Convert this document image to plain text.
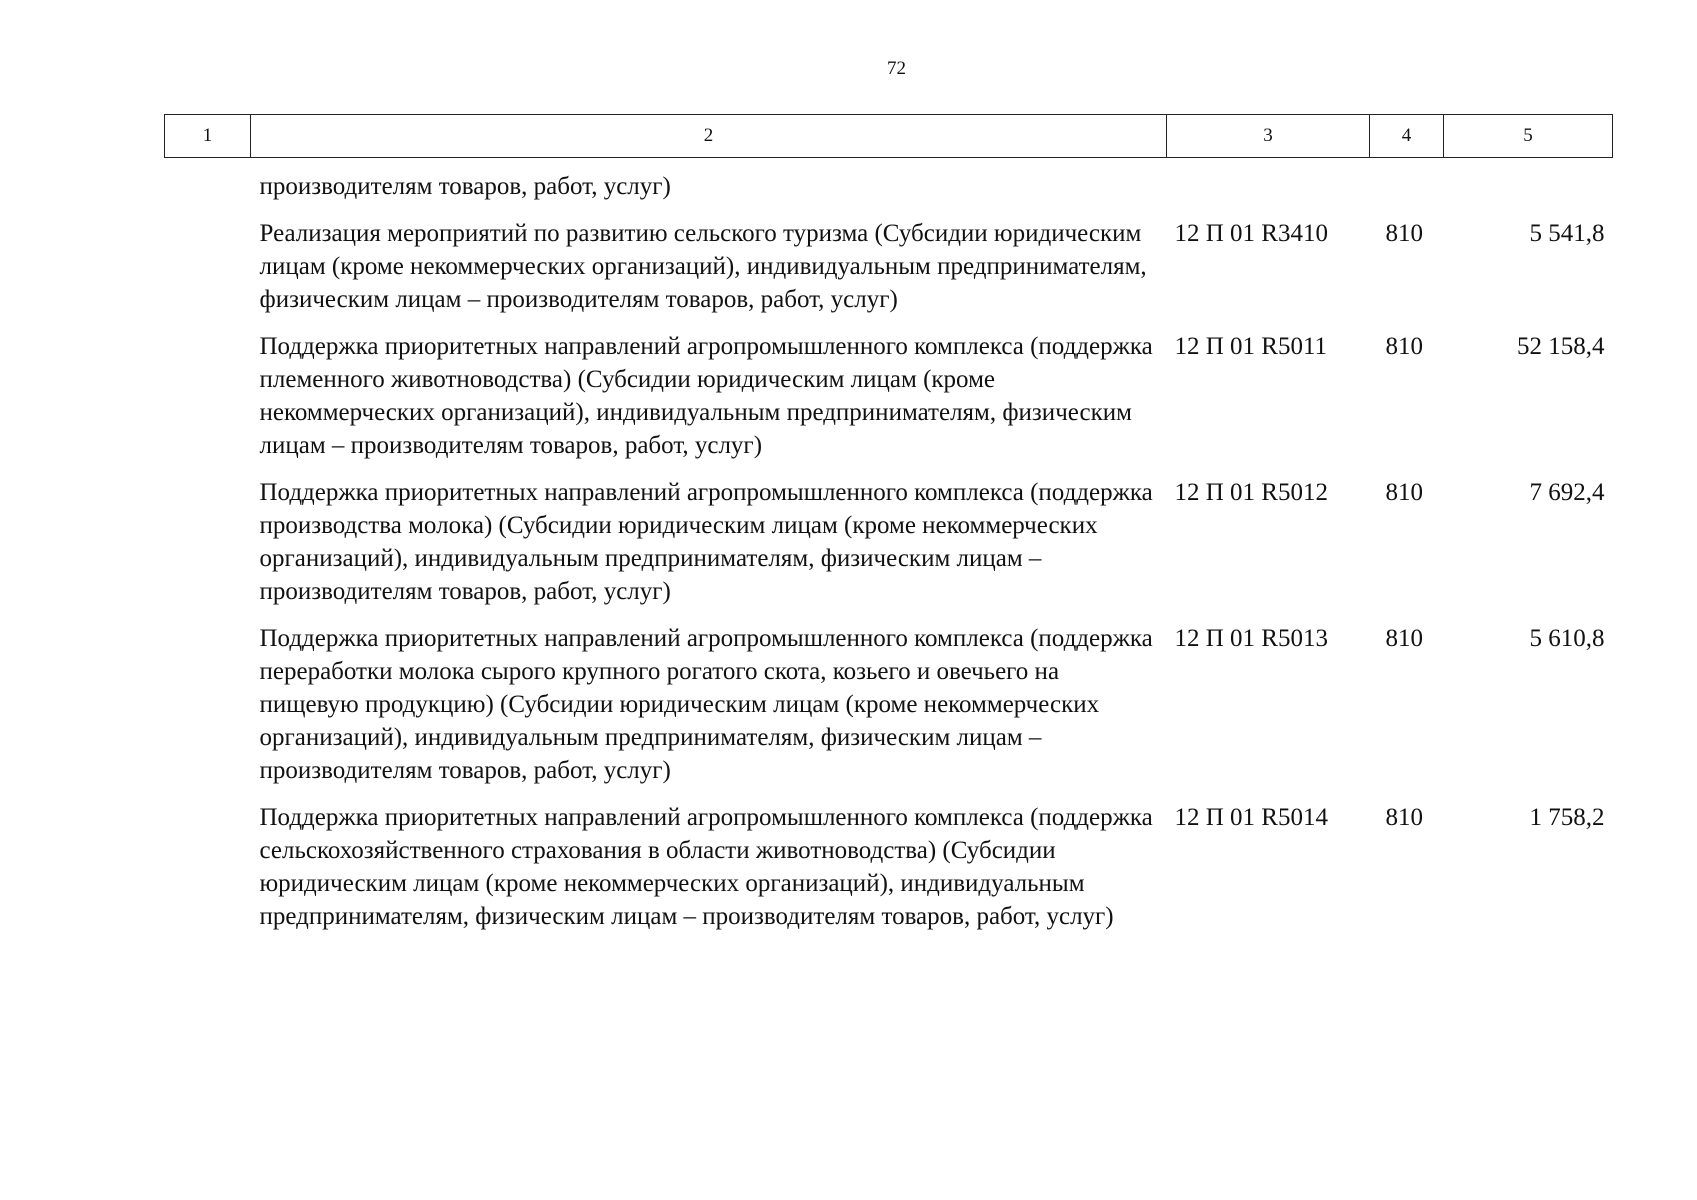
72
1	2	3	4	5
	производителям товаров, работ, услуг)			
	Реализация мероприятий по развитию сельского туризма (Субсидии юридическим лицам (кроме некоммерческих организаций), индивидуальным предпринимателям, физическим лицам – производителям товаров, работ, услуг)	12 П 01 R3410	810	5 541,8
	Поддержка приоритетных направлений агропромышленного комплекса (поддержка племенного животноводства) (Субсидии юридическим лицам (кроме некоммерческих организаций), индивидуальным предпринимателям, физическим лицам – производителям товаров, работ, услуг)	12 П 01 R5011	810	52 158,4
	Поддержка приоритетных направлений агропромышленного комплекса (поддержка производства молока) (Субсидии юридическим лицам (кроме некоммерческих организаций), индивидуальным предпринимателям, физическим лицам – производителям товаров, работ, услуг)	12 П 01 R5012	810	7 692,4
	Поддержка приоритетных направлений агропромышленного комплекса (поддержка переработки молока сырого крупного рогатого скота, козьего и овечьего на пищевую продукцию) (Субсидии юридическим лицам (кроме некоммерческих организаций), индивидуальным предпринимателям, физическим лицам – производителям товаров, работ, услуг)	12 П 01 R5013	810	5 610,8
	Поддержка приоритетных направлений агропромышленного комплекса (поддержка сельскохозяйственного страхования в области животноводства) (Субсидии юридическим лицам (кроме некоммерческих организаций), индивидуальным предпринимателям, физическим лицам – производителям товаров, работ, услуг)	12 П 01 R5014	810	1 758,2
